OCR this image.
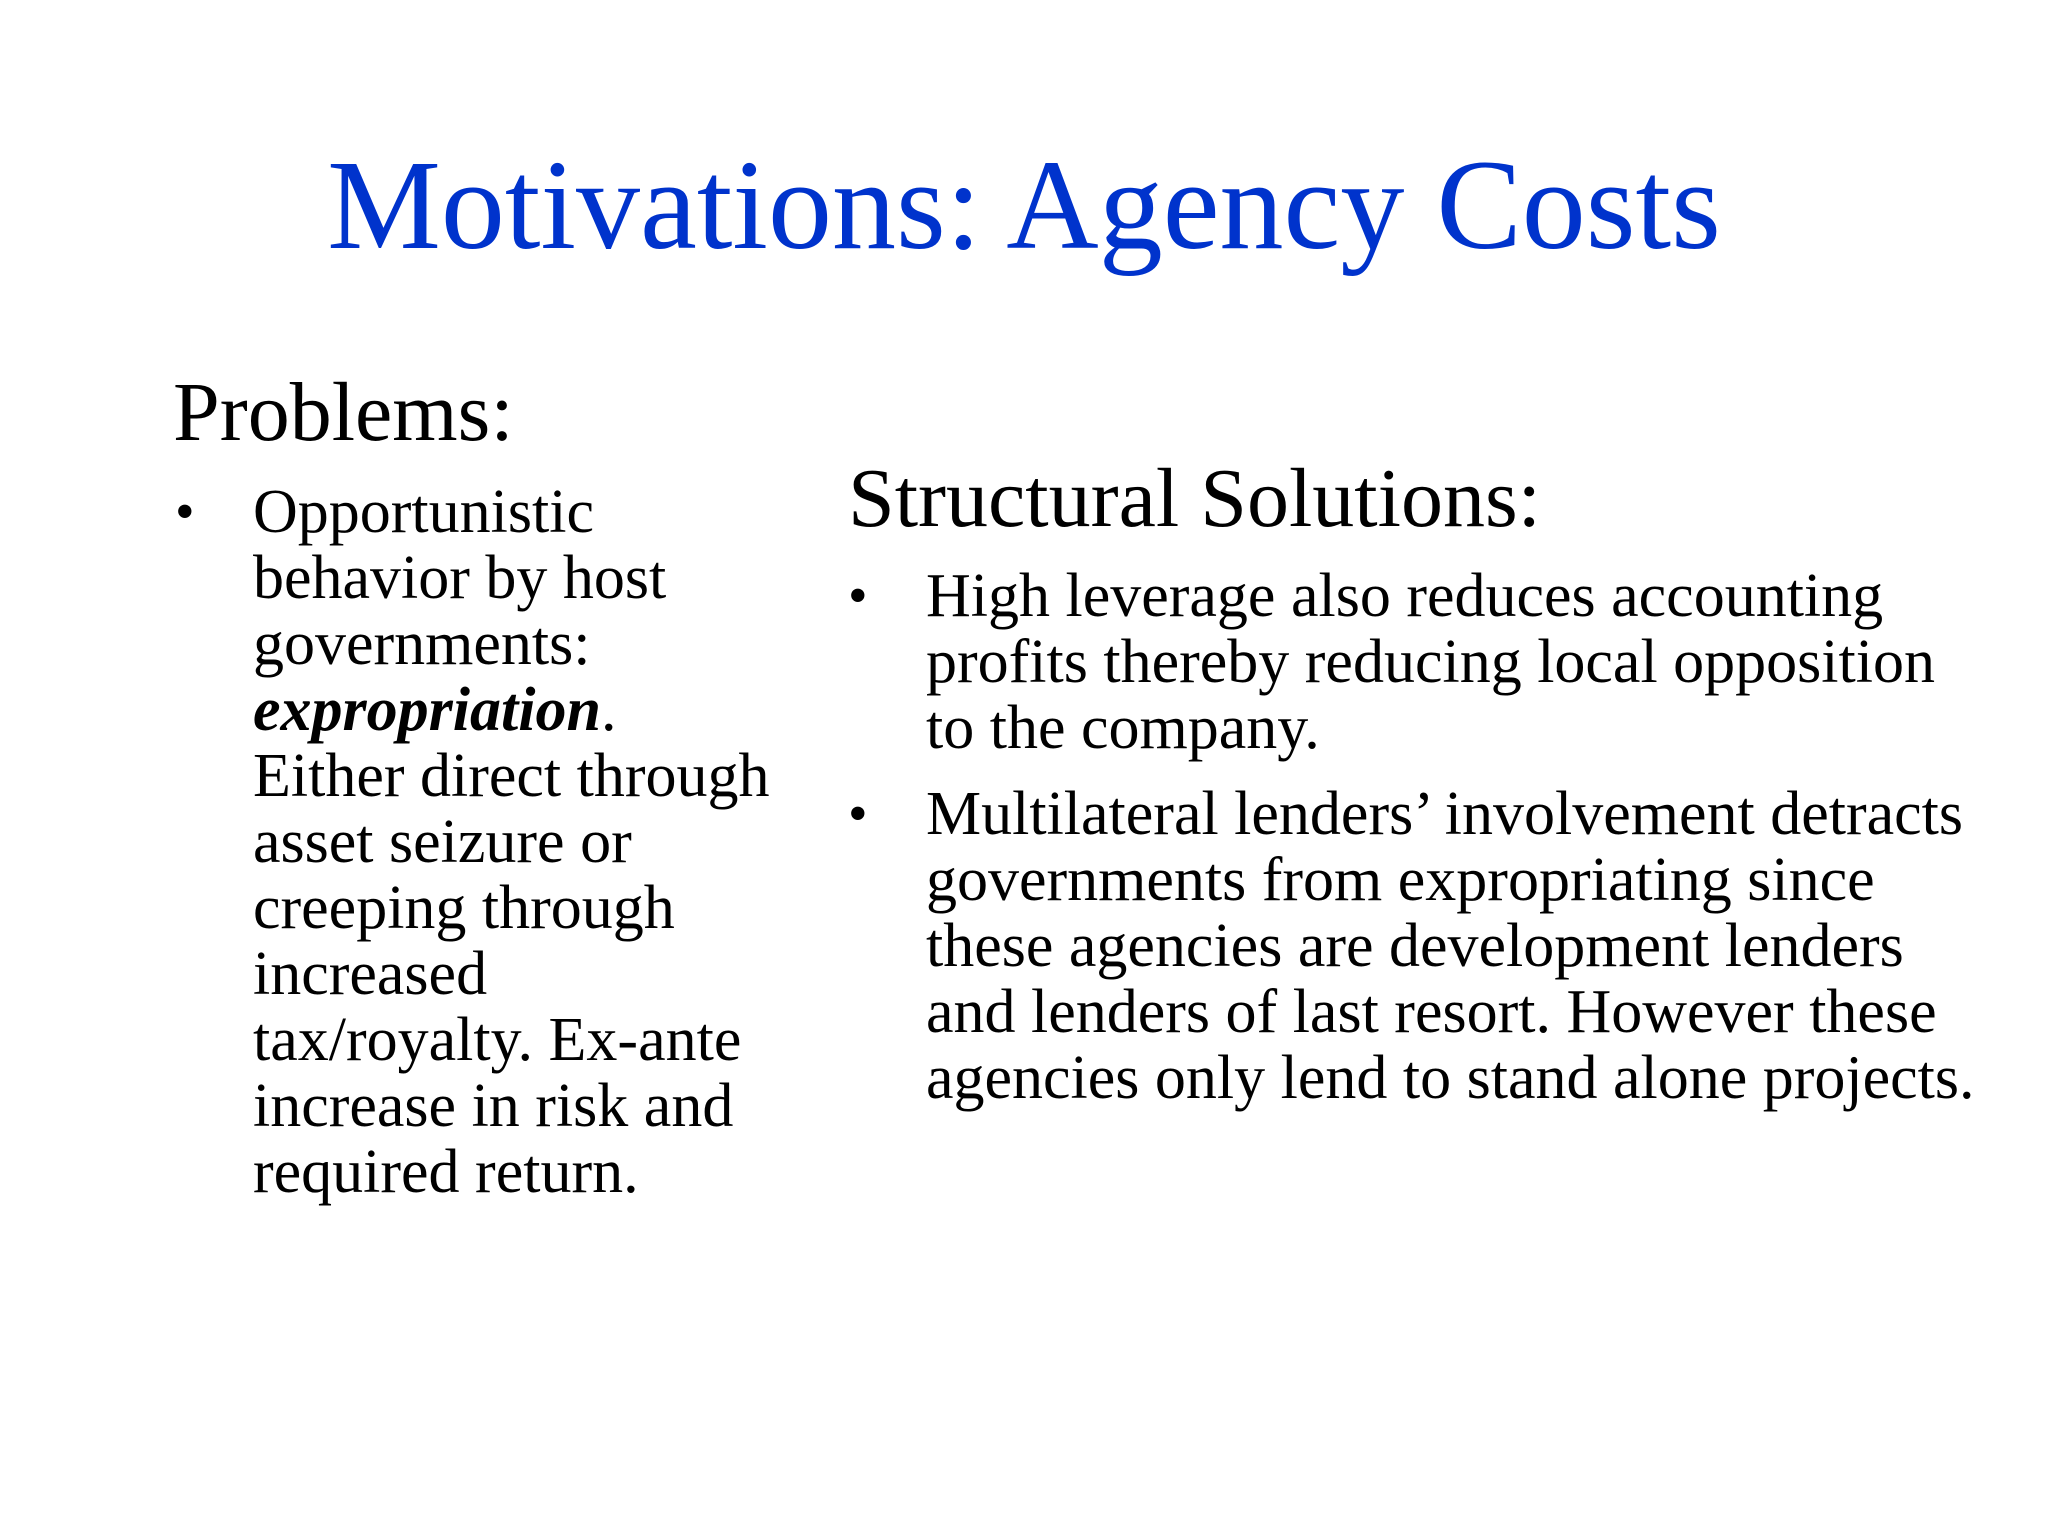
Motivations: Agency Costs
Problems:
• Opportunistic behavior by host governments: expropriation. Either direct through asset seizure or creeping through increased tax/royalty. Ex-ante increase in risk and required return.
Structural Solutions:
• High leverage also reduces accounting profits thereby reducing local opposition to the company.
• Multilateral lenders’ involvement detracts governments from expropriating since these agencies are development lenders and lenders of last resort. However these agencies only lend to stand alone projects.
